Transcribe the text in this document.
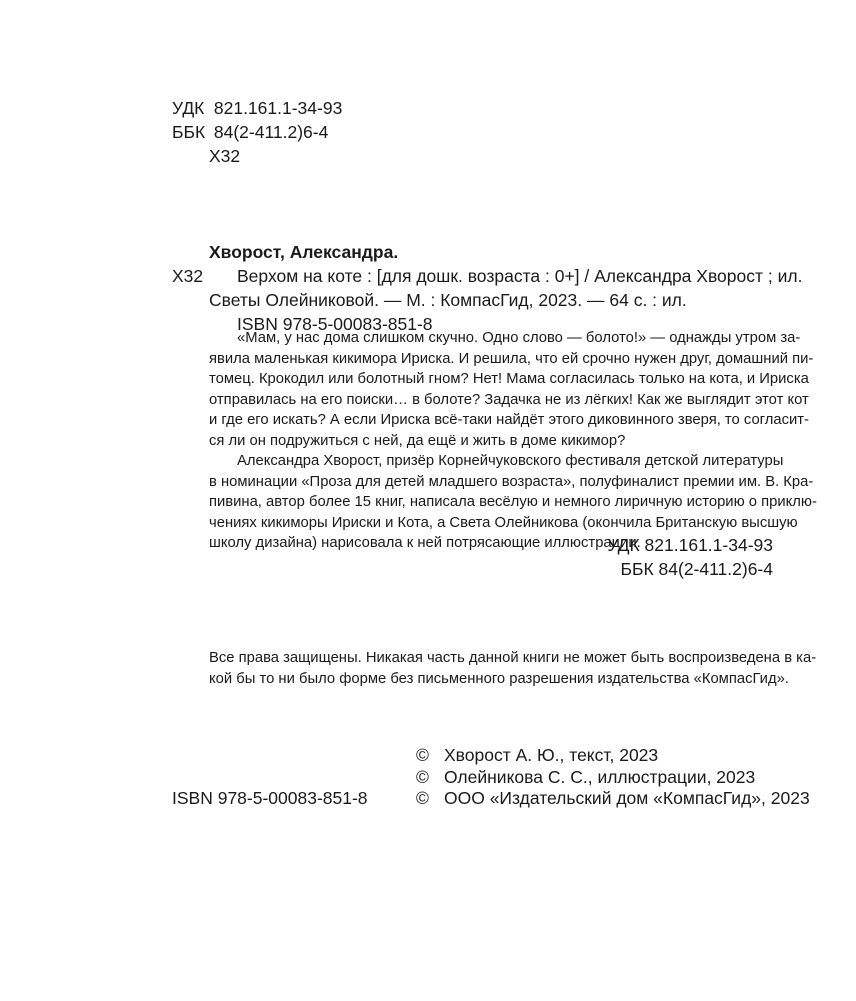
УДК 821.161.1-34-93
ББК 84(2-411.2)6-4
Х32
Хворост, Александра.
Х32 Верхом на коте : [для дошк. возраста : 0+] / Александра Хворост ; ил.
Светы Олейниковой. — М. : КомпасГид, 2023. — 64 с. : ил.
ISBN 978-5-00083-851-8
«Мам, у нас дома слишком скучно. Одно слово — болото!» — однажды утром за-
явила маленькая кикимора Ириска. И решила, что ей срочно нужен друг, домашний пи-
томец. Крокодил или болотный гном? Нет! Мама согласилась только на кота, и Ириска
отправилась на его поиски… в болоте? Задачка не из лёгких! Как же выглядит этот кот
и где его искать? А если Ириска всё-таки найдёт этого диковинного зверя, то согласит-
ся ли он подружиться с ней, да ещё и жить в доме кикимор?
Александра Хворост, призёр Корнейчуковского фестиваля детской литературы
в номинации «Проза для детей младшего возраста», полуфиналист премии им. В. Кра-
пивина, автор более 15 книг, написала весёлую и немного лиричную историю о приклю-
чениях кикиморы Ириски и Кота, а Света Олейникова (окончила Британскую высшую
школу дизайна) нарисовала к ней потрясающие иллюстрации.
УДК 821.161.1-34-93
ББК 84(2-411.2)6-4
Все права защищены. Никакая часть данной книги не может быть воспроизведена в ка-
кой бы то ни было форме без письменного разрешения издательства «КомпасГид».
ISBN 978-5-00083-851-8
© Хворост А. Ю., текст, 2023
© Олейникова С. С., иллюстрации, 2023
© ООО «Издательский дом «КомпасГид», 2023
